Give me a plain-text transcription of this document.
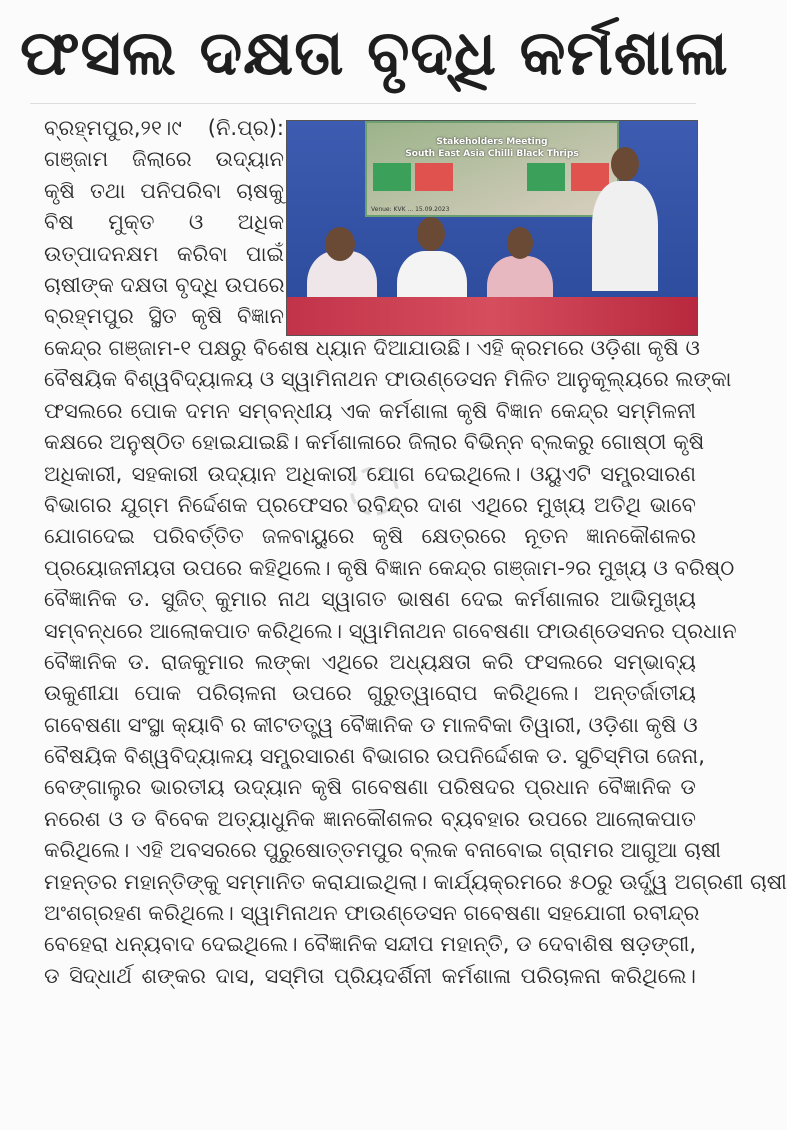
ଫସଲ ଦକ୍ଷତା ବୃଦ୍ଧି କର୍ମଶାଳା
ବ୍ରହ୍ମପୁର,୨୧।୯ (ନି.ପ୍ର):
ଗଞ୍ଜାମ ଜିଲାରେ ଉଦ୍ୟାନ
କୃଷି ତଥା ପନିପରିବା ଚାଷକୁ
ବିଷ ମୁକ୍ତ ଓ ଅଧିକ
ଉତ୍ପାଦନକ୍ଷମ କରିବା ପାଇଁ
ଚାଷୀଙ୍କ ଦକ୍ଷତା ବୃଦ୍ଧି ଉପରେ
ବ୍ରହ୍ମପୁର ସ୍ଥିତ କୃଷି ବିଜ୍ଞାନ
Stakeholders Meeting
South East Asia Chilli Black Thrips
Venue: KVK ... 15.09.2023
◌
କେନ୍ଦ୍ର ଗଞ୍ଜାମ-୧ ପକ୍ଷରୁ ବିଶେଷ ଧ୍ୟାନ ଦିଆଯାଉଛି। ଏହି କ୍ରମରେ ଓଡ଼ିଶା କୃଷି ଓ
ବୈଷୟିକ ବିଶ୍ୱବିଦ୍ୟାଳୟ ଓ ସ୍ୱାମିନାଥନ ଫାଉଣ୍ଡେସନ ମିଳିତ ଆନୁକୂଲ୍ୟରେ ଲଙ୍କା
ଫସଲରେ ପୋକ ଦମନ ସମ୍ବନ୍ଧୀୟ ଏକ କର୍ମଶାଳା କୃଷି ବିଜ୍ଞାନ କେନ୍ଦ୍ର ସମ୍ମିଳନୀ
କକ୍ଷରେ ଅନୁଷ୍ଠିତ ହୋଇଯାଇଛି। କର୍ମଶାଳାରେ ଜିଲାର ବିଭିନ୍ନ ବ୍ଲକରୁ ଗୋଷ୍ଠୀ କୃଷି
ଅଧିକାରୀ, ସହକାରୀ ଉଦ୍ୟାନ ଅଧିକାରୀ ଯୋଗ ଦେଇଥିଲେ। ଓୟୁଏଟି ସମ୍ପ୍ରସାରଣ
ବିଭାଗର ଯୁଗ୍ମ ନିର୍ଦ୍ଦେଶକ ପ୍ରଫେସର ରବିନ୍ଦ୍ର ଦାଶ ଏଥିରେ ମୁଖ୍ୟ ଅତିଥି ଭାବେ
ଯୋଗଦେଇ ପରିବର୍ତ୍ତିତ ଜଳବାୟୁରେ କୃଷି କ୍ଷେତ୍ରରେ ନୂତନ ଜ୍ଞାନକୌଶଳର
ପ୍ରୟୋଜନୀୟତା ଉପରେ କହିଥିଲେ। କୃଷି ବିଜ୍ଞାନ କେନ୍ଦ୍ର ଗଞ୍ଜାମ-୨ର ମୁଖ୍ୟ ଓ ବରିଷ୍ଠ
ବୈଜ୍ଞାନିକ ଡ. ସୁଜିତ୍ କୁମାର ନାଥ ସ୍ୱାଗତ ଭାଷଣ ଦେଇ କର୍ମଶାଳାର ଆଭିମୁଖ୍ୟ
ସମ୍ବନ୍ଧରେ ଆଲୋକପାତ କରିଥିଲେ। ସ୍ୱାମିନାଥନ ଗବେଷଣା ଫାଉଣ୍ଡେସନର ପ୍ରଧାନ
ବୈଜ୍ଞାନିକ ଡ. ରାଜକୁମାର ଲଙ୍କା ଏଥିରେ ଅଧ୍ୟକ୍ଷତା କରି ଫସଲରେ ସମ୍ଭାବ୍ୟ
ଉକୁଣୀଯା ପୋକ ପରିଚାଳନା ଉପରେ ଗୁରୁତ୍ୱାରୋପ କରିଥିଲେ। ଅନ୍ତର୍ଜାତୀୟ
ଗବେଷଣା ସଂସ୍ଥା କ୍ୟାବି ର କୀଟତତ୍ତ୍ୱ ବୈଜ୍ଞାନିକ ଡ ମାଳବିକା ତିୱାରୀ, ଓଡ଼ିଶା କୃଷି ଓ
ବୈଷୟିକ ବିଶ୍ୱବିଦ୍ୟାଳୟ ସମ୍ପ୍ରସାରଣ ବିଭାଗର ଉପନିର୍ଦ୍ଦେଶକ ଡ. ସୁଚିସ୍ମିତା ଜେନା,
ବେଙ୍ଗାଲୁର ଭାରତୀୟ ଉଦ୍ୟାନ କୃଷି ଗବେଷଣା ପରିଷଦର ପ୍ରଧାନ ବୈଜ୍ଞାନିକ ଡ
ନରେଶ ଓ ଡ ବିବେକ ଅତ୍ୟାଧୁନିକ ଜ୍ଞାନକୌଶଳର ବ୍ୟବହାର ଉପରେ ଆଲୋକପାତ
କରିଥିଲେ। ଏହି ଅବସରରେ ପୁରୁଷୋତ୍ତମପୁର ବ୍ଲକ ବନାବୋଇ ଗ୍ରାମର ଆଗୁଆ ଚାଷୀ
ମହନ୍ତର ମହାନ୍ତିଙ୍କୁ ସମ୍ମାନିତ କରାଯାଇଥିଲା। କାର୍ଯ୍ୟକ୍ରମରେ ୫୦ରୁ ଊର୍ଦ୍ଧ୍ୱ ଅଗ୍ରଣୀ ଚାଷୀ
ଅଂଶଗ୍ରହଣ କରିଥିଲେ। ସ୍ୱାମିନାଥନ ଫାଉଣ୍ଡେସନ ଗବେଷଣା ସହଯୋଗୀ ରବୀନ୍ଦ୍ର
ବେହେରା ଧନ୍ୟବାଦ ଦେଇଥିଲେ। ବୈଜ୍ଞାନିକ ସନ୍ଦୀପ ମହାନ୍ତି, ଡ ଦେବାଶିଷ ଷଡ଼ଙ୍ଗୀ,
ଡ ସିଦ୍ଧାର୍ଥ ଶଙ୍କର ଦାସ, ସସ୍ମିତା ପ୍ରିୟଦର୍ଶିନୀ କର୍ମଶାଳା ପରିଚାଳନା କରିଥିଲେ।
